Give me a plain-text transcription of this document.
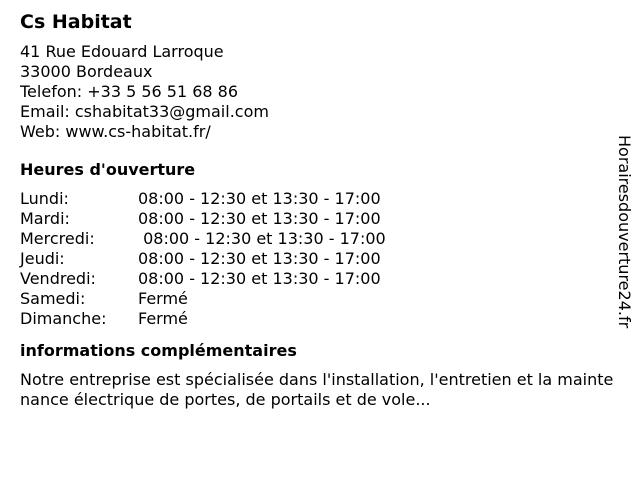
Cs Habitat
41 Rue Edouard Larroque
33000 Bordeaux
Telefon: +33 5 56 51 68 86
Email: cshabitat33@gmail.com
Web: www.cs-habitat.fr/
Heures d'ouverture
Lundi:	08:00 - 12:30 et 13:30 - 17:00
Mardi:	08:00 - 12:30 et 13:30 - 17:00
Mercredi:	08:00 - 12:30 et 13:30 - 17:00
Jeudi:	08:00 - 12:30 et 13:30 - 17:00
Vendredi:	08:00 - 12:30 et 13:30 - 17:00
Samedi:	Fermé
Dimanche:	Fermé
informations complémentaires
Notre entreprise est spécialisée dans l'installation, l'entretien et la maintenance électrique de portes, de portails et de vole...
Horairesdouverture24.fr
